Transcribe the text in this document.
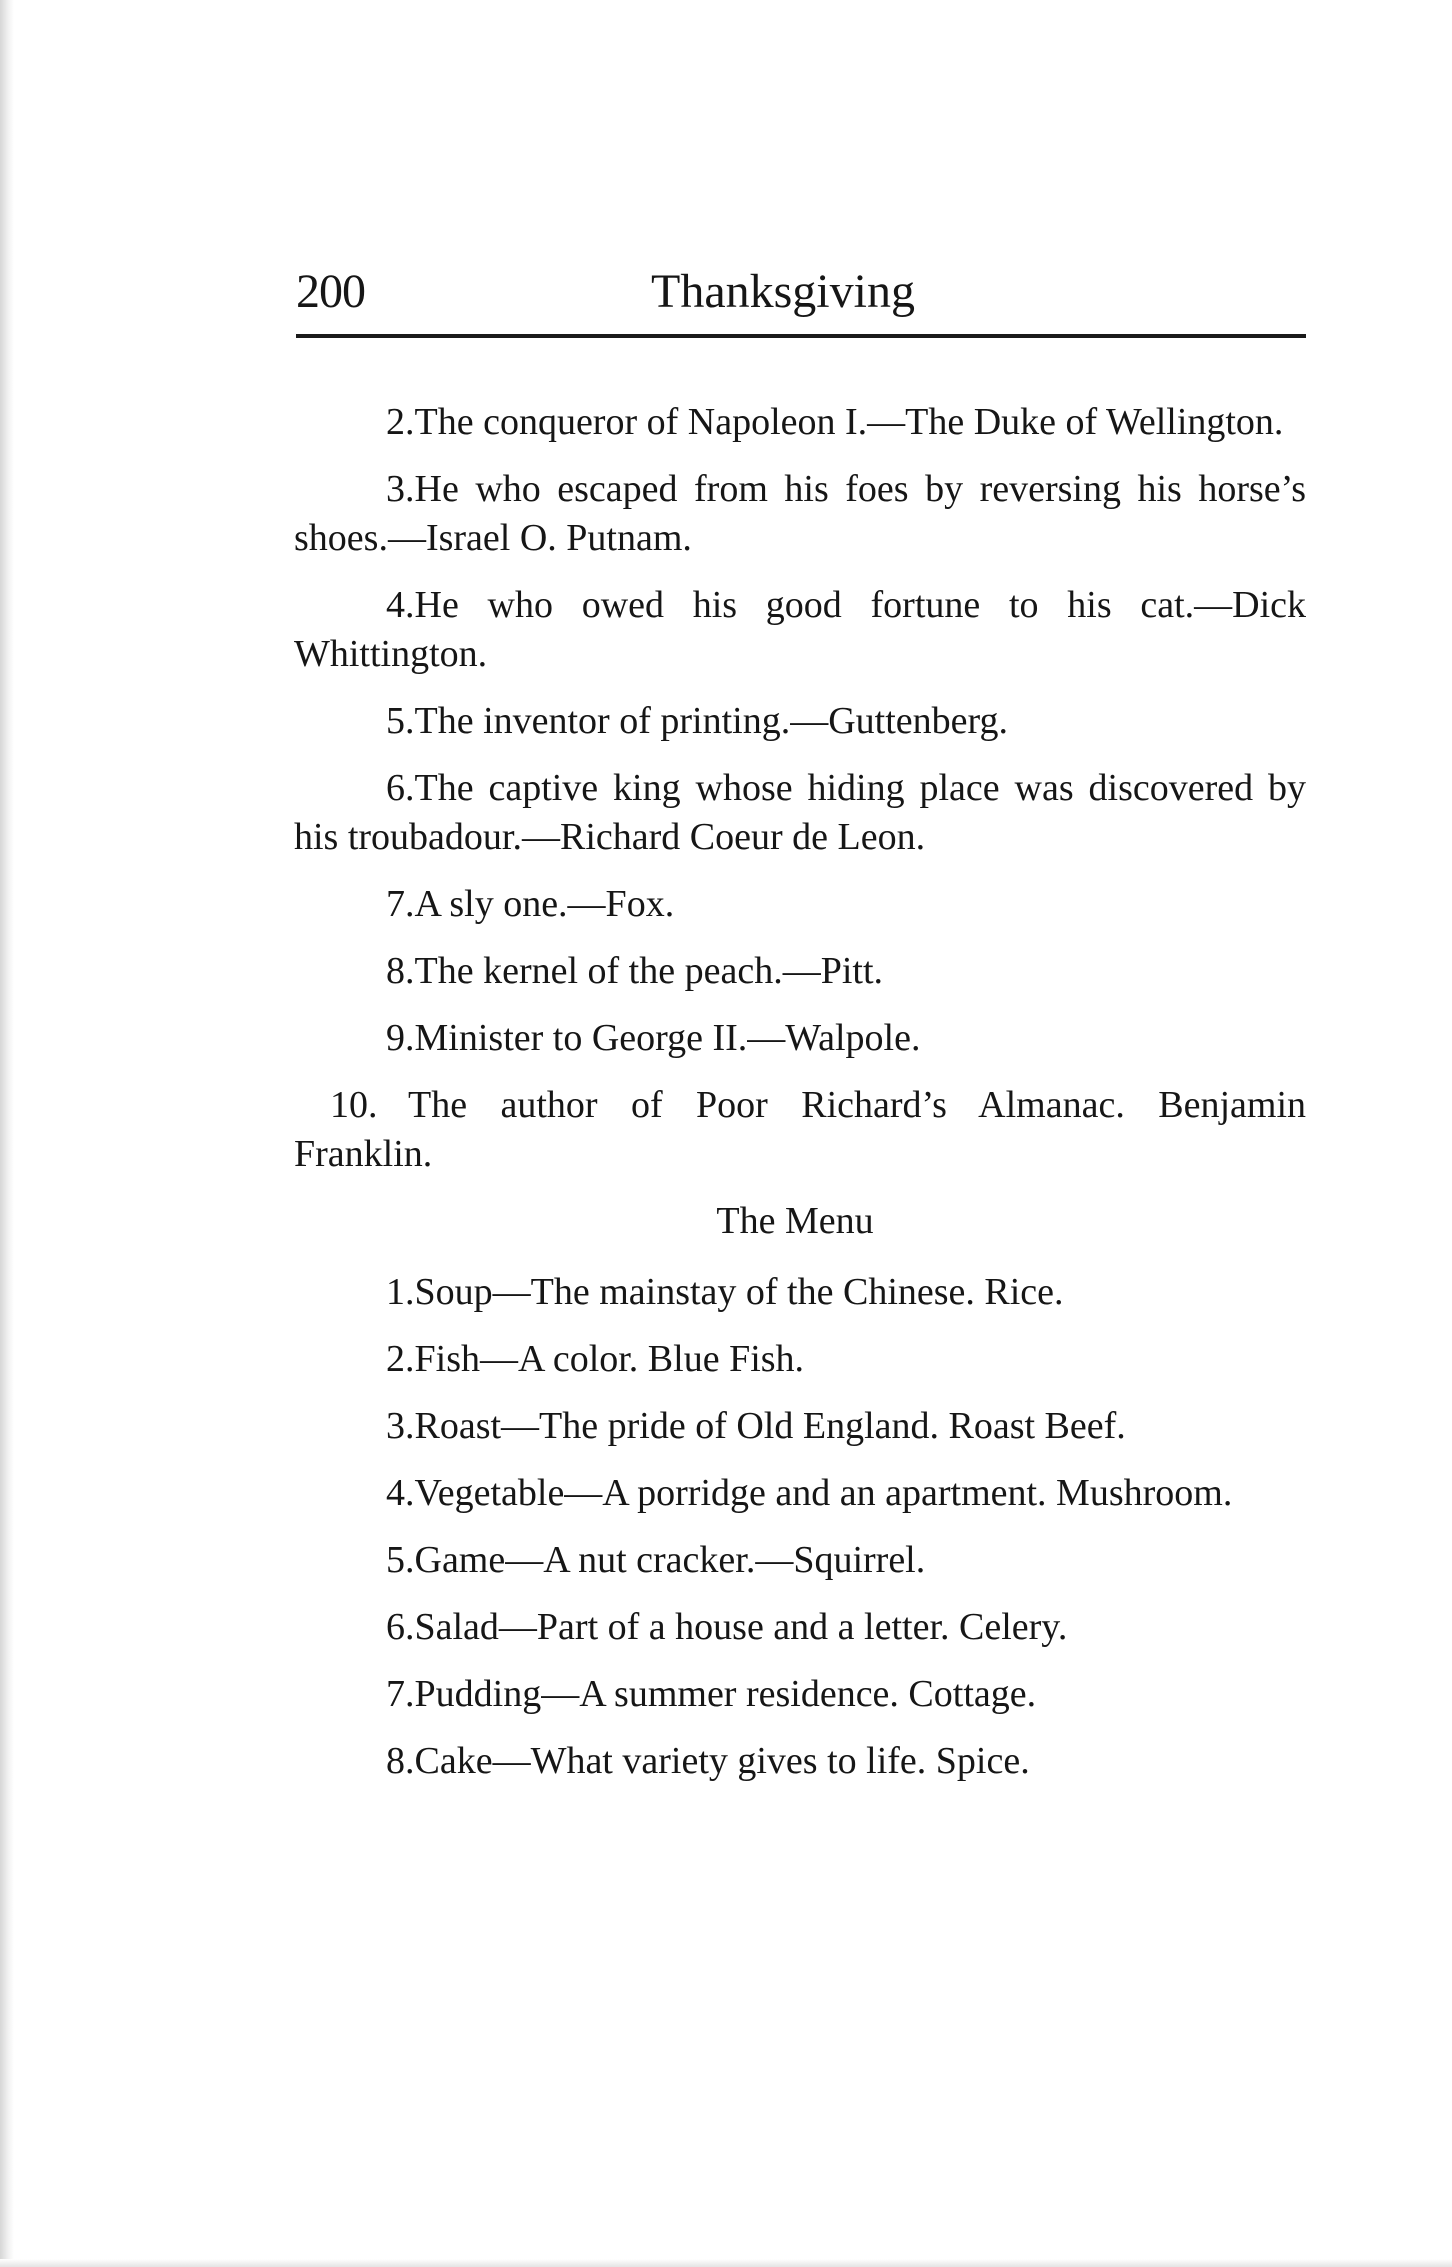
200	Thanksgiving

2.The conqueror of Napoleon I.—The Duke of Wellington.

3.He who escaped from his foes by reversing his horse’s shoes.—Israel O. Putnam.

4.He who owed his good fortune to his cat.—Dick Whittington.

5.The inventor of printing.—Guttenberg.

6.The captive king whose hiding place was discovered by his troubadour.—Richard Coeur de Leon.

7.A sly one.—Fox.

8.The kernel of the peach.—Pitt.

9.Minister to George II.—Walpole.

10. The author of Poor Richard’s Almanac. Benjamin Franklin.

The Menu

1.Soup—The mainstay of the Chinese. Rice.

2.Fish—A color. Blue Fish.

3.Roast—The pride of Old England. Roast Beef.

4.Vegetable—A porridge and an apartment. Mushroom.

5.Game—A nut cracker.—Squirrel.

6.Salad—Part of a house and a letter. Celery.

7.Pudding—A summer residence. Cottage.

8.Cake—What variety gives to life. Spice.
